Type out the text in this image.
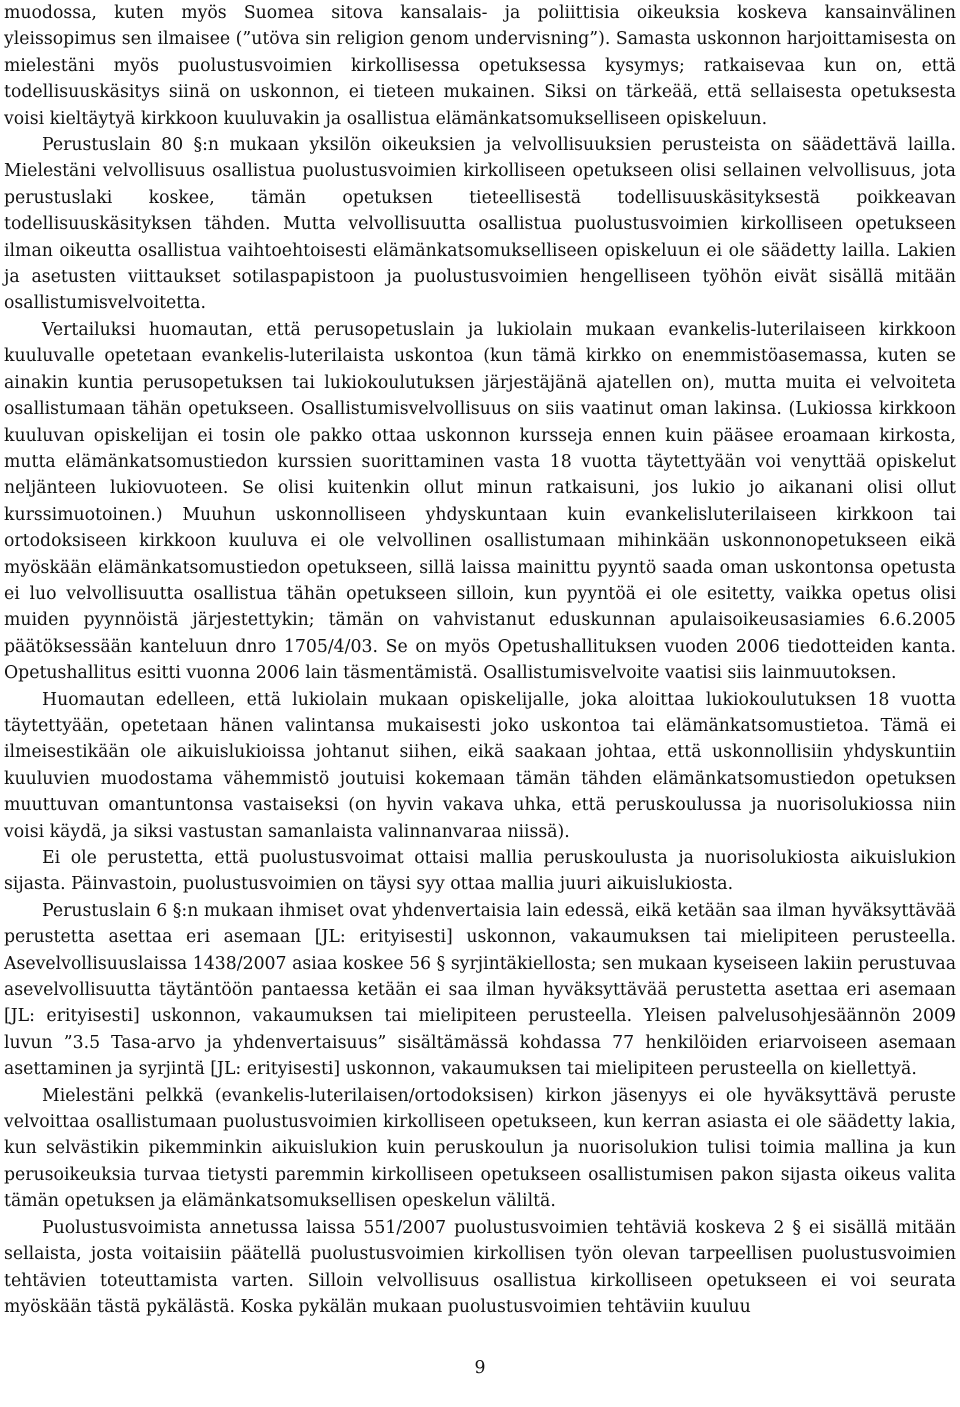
muodossa, kuten myös Suomea sitova kansalais- ja poliittisia oikeuksia koskeva kansainvälinen yleissopimus sen ilmaisee (”utöva sin religion genom undervisning”). Samasta uskonnon harjoittamisesta on mielestäni myös puolustusvoimien kirkollisessa opetuksessa kysymys; ratkaisevaa kun on, että todellisuuskäsitys siinä on uskonnon, ei tieteen mukainen. Siksi on tärkeää, että sellaisesta opetuksesta voisi kieltäytyä kirkkoon kuuluvakin ja osallistua elämänkatsomukselliseen opiskeluun.

Perustuslain 80 §:n mukaan yksilön oikeuksien ja velvollisuuksien perusteista on säädettävä lailla. Mielestäni velvollisuus osallistua puolustusvoimien kirkolliseen opetukseen olisi sellainen velvollisuus, jota perustuslaki koskee, tämän opetuksen tieteellisestä todellisuuskäsityksestä poikkeavan todellisuuskäsityksen tähden. Mutta velvollisuutta osallistua puolustusvoimien kirkolliseen opetukseen ilman oikeutta osallistua vaihtoehtoisesti elämänkatsomukselliseen opiskeluun ei ole säädetty lailla. Lakien ja asetusten viittaukset sotilaspapistoon ja puolustusvoimien hengelliseen työhön eivät sisällä mitään osallistumisvelvoitetta.

Vertailuksi huomautan, että perusopetuslain ja lukiolain mukaan evankelis-luterilaiseen kirkkoon kuuluvalle opetetaan evankelis-luterilaista uskontoa (kun tämä kirkko on enemmistöasemassa, kuten se ainakin kuntia perusopetuksen tai lukiokoulutuksen järjestäjänä ajatellen on), mutta muita ei velvoiteta osallistumaan tähän opetukseen. Osallistumisvelvollisuus on siis vaatinut oman lakinsa. (Lukiossa kirkkoon kuuluvan opiskelijan ei tosin ole pakko ottaa uskonnon kursseja ennen kuin pääsee eroamaan kirkosta, mutta elämänkatsomustiedon kurssien suorittaminen vasta 18 vuotta täytettyään voi venyttää opiskelut neljänteen lukiovuoteen. Se olisi kuitenkin ollut minun ratkaisuni, jos lukio jo aikanani olisi ollut kurssimuotoinen.) Muuhun uskonnolliseen yhdyskuntaan kuin evankelisluterilaiseen kirkkoon tai ortodoksiseen kirkkoon kuuluva ei ole velvollinen osallistumaan mihinkään uskonnonopetukseen eikä myöskään elämänkatsomustiedon opetukseen, sillä laissa mainittu pyyntö saada oman uskontonsa opetusta ei luo velvollisuutta osallistua tähän opetukseen silloin, kun pyyntöä ei ole esitetty, vaikka opetus olisi muiden pyynnöistä järjestettykin; tämän on vahvistanut eduskunnan apulaisoikeusasiamies 6.6.2005 päätöksessään kanteluun dnro 1705/4/03. Se on myös Opetushallituksen vuoden 2006 tiedotteiden kanta. Opetushallitus esitti vuonna 2006 lain täsmentämistä. Osallistumisvelvoite vaatisi siis lainmuutoksen.

Huomautan edelleen, että lukiolain mukaan opiskelijalle, joka aloittaa lukiokoulutuksen 18 vuotta täytettyään, opetetaan hänen valintansa mukaisesti joko uskontoa tai elämänkatsomustietoa. Tämä ei ilmeisestikään ole aikuislukioissa johtanut siihen, eikä saakaan johtaa, että uskonnollisiin yhdyskuntiin kuuluvien muodostama vähemmistö joutuisi kokemaan tämän tähden elämänkatsomustiedon opetuksen muuttuvan omantuntonsa vastaiseksi (on hyvin vakava uhka, että peruskoulussa ja nuorisolukiossa niin voisi käydä, ja siksi vastustan samanlaista valinnanvaraa niissä).

Ei ole perustetta, että puolustusvoimat ottaisi mallia peruskoulusta ja nuorisolukiosta aikuislukion sijasta. Päinvastoin, puolustusvoimien on täysi syy ottaa mallia juuri aikuislukiosta.

Perustuslain 6 §:n mukaan ihmiset ovat yhdenvertaisia lain edessä, eikä ketään saa ilman hyväksyttävää perustetta asettaa eri asemaan [JL: erityisesti] uskonnon, vakaumuksen tai mielipiteen perusteella. Asevelvollisuuslaissa 1438/2007 asiaa koskee 56 § syrjintäkiellosta; sen mukaan kyseiseen lakiin perustuvaa asevelvollisuutta täytäntöön pantaessa ketään ei saa ilman hyväksyttävää perustetta asettaa eri asemaan [JL: erityisesti] uskonnon, vakaumuksen tai mielipiteen perusteella. Yleisen palvelusohjesäännön 2009 luvun ”3.5 Tasa-arvo ja yhdenvertaisuus” sisältämässä kohdassa 77 henkilöiden eriarvoiseen asemaan asettaminen ja syrjintä [JL: erityisesti] uskonnon, vakaumuksen tai mielipiteen perusteella on kiellettyä.

Mielestäni pelkkä (evankelis-luterilaisen/ortodoksisen) kirkon jäsenyys ei ole hyväksyttävä peruste velvoittaa osallistumaan puolustusvoimien kirkolliseen opetukseen, kun kerran asiasta ei ole säädetty lakia, kun selvästikin pikemminkin aikuislukion kuin peruskoulun ja nuorisolukion tulisi toimia mallina ja kun perusoikeuksia turvaa tietysti paremmin kirkolliseen opetukseen osallistumisen pakon sijasta oikeus valita tämän opetuksen ja elämänkatsomuksellisen opeskelun väliltä.

Puolustusvoimista annetussa laissa 551/2007 puolustusvoimien tehtäviä koskeva 2 § ei sisällä mitään sellaista, josta voitaisiin päätellä puolustusvoimien kirkollisen työn olevan tarpeellisen puolustusvoimien tehtävien toteuttamista varten. Silloin velvollisuus osallistua kirkolliseen opetukseen ei voi seurata myöskään tästä pykälästä. Koska pykälän mukaan puolustusvoimien tehtäviin kuuluu

9
